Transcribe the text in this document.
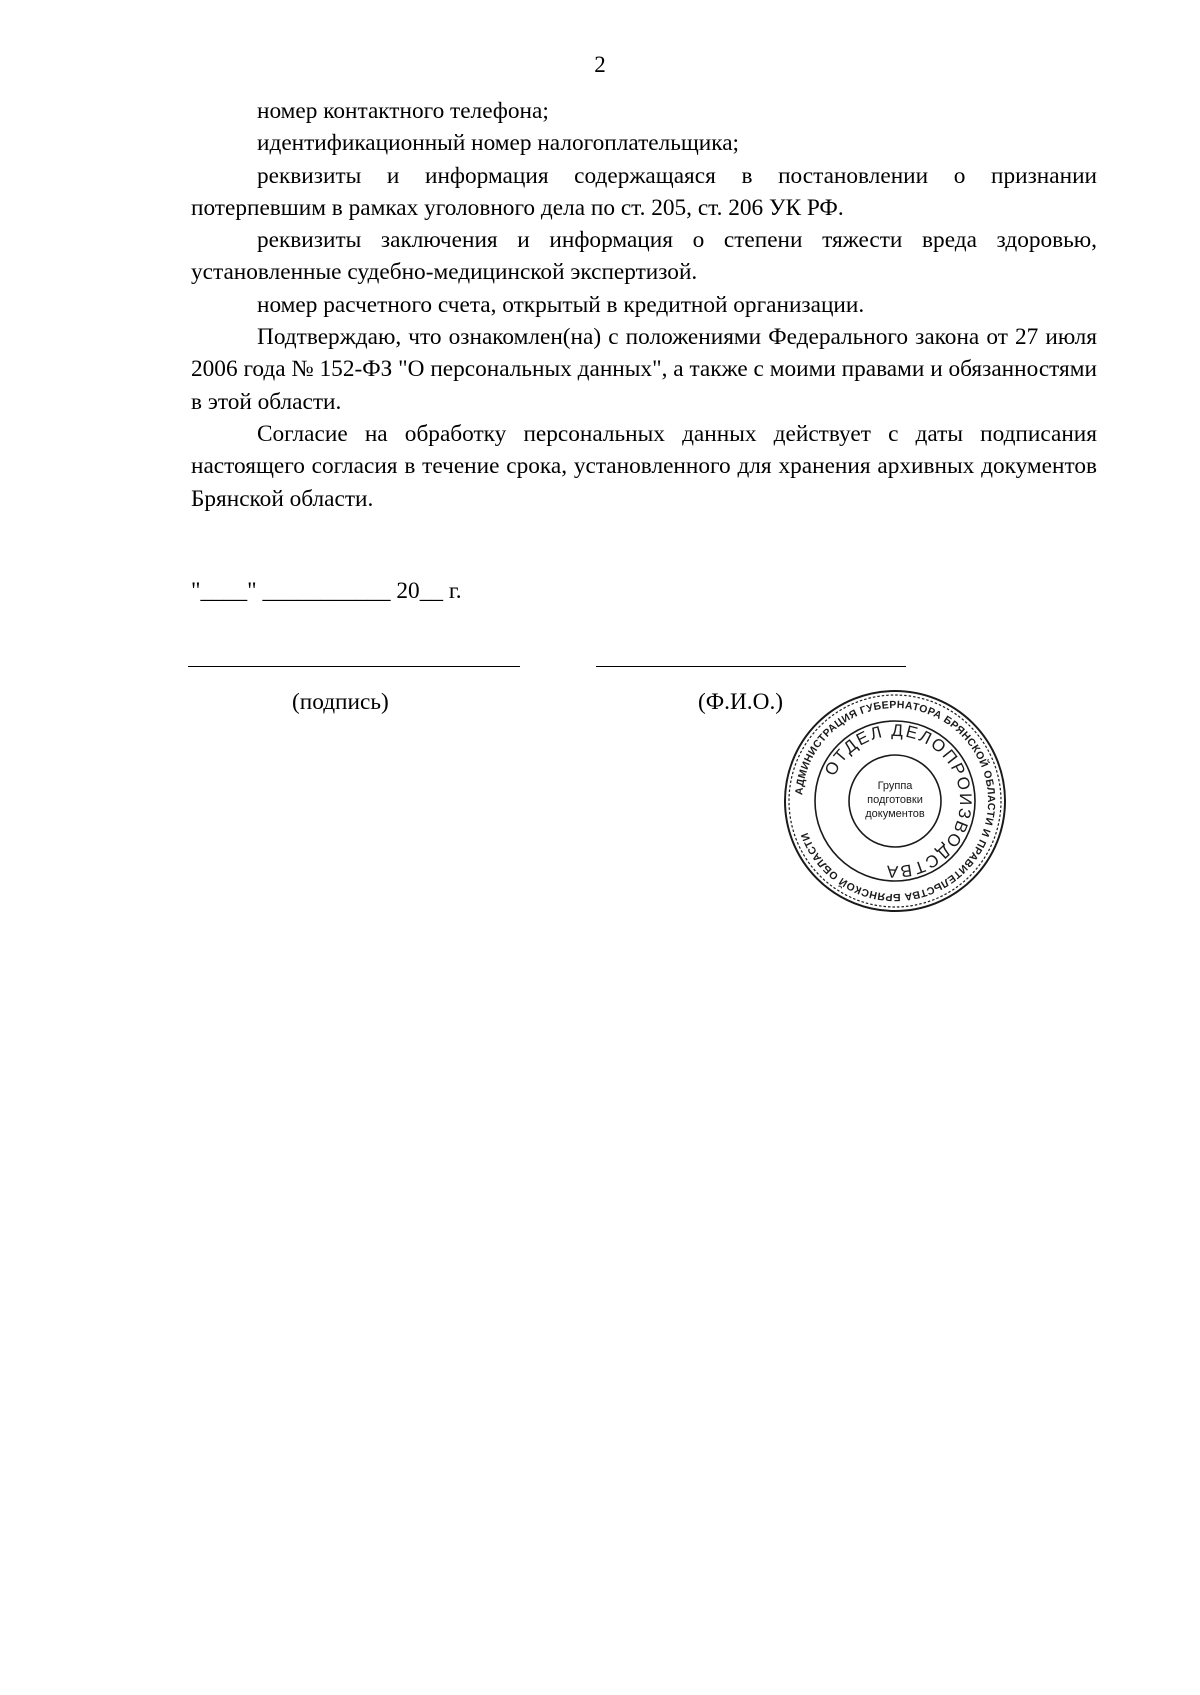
2

номер контактного телефона;

идентификационный номер налогоплательщика;

реквизиты и информация содержащаяся в постановлении о признании потерпевшим в рамках уголовного дела по ст. 205, ст. 206 УК РФ.

реквизиты заключения и информация о степени тяжести вреда здоровью, установленные судебно-медицинской экспертизой.

номер расчетного счета, открытый в кредитной организации.

Подтверждаю, что ознакомлен(на) с положениями Федерального закона от 27 июля 2006 года № 152-ФЗ "О персональных данных", а также с моими правами и обязанностями в этой области.

Согласие на обработку персональных данных действует с даты подписания настоящего согласия в течение срока, установленного для хранения архивных документов Брянской области.

"____" ___________ 20__ г.
(подпись)	(Ф.И.О.)
АДМИНИСТРАЦИЯ ГУБЕРНАТОРА БРЯНСКОЙ ОБЛАСТИ И ПРАВИТЕЛЬСТВА БРЯНСКОЙ ОБЛАСТИ
ОТДЕЛ ДЕЛОПРОИЗВОДСТВА
Группа подготовки документов
